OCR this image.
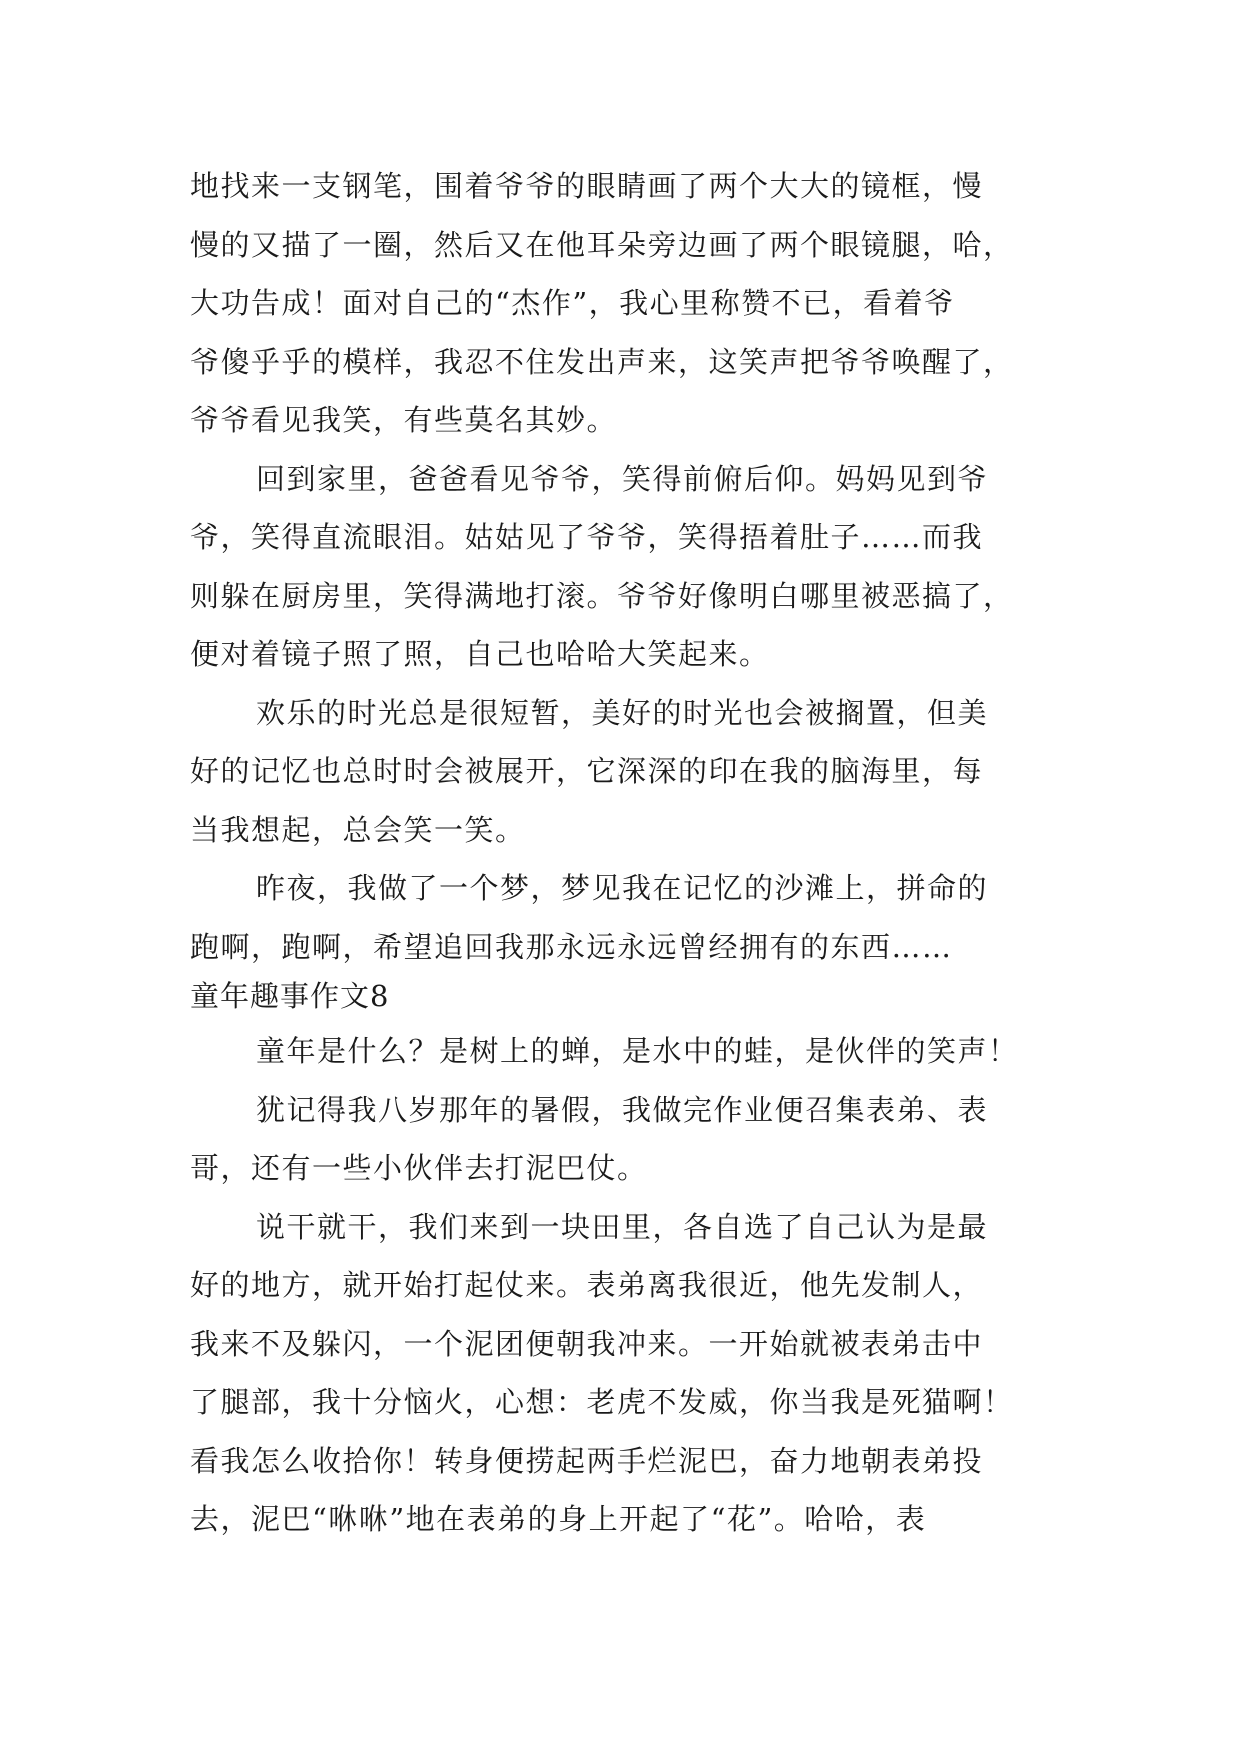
地找来一支钢笔，围着爷爷的眼睛画了两个大大的镜框，慢
慢的又描了一圈，然后又在他耳朵旁边画了两个眼镜腿，哈，
大功告成！面对自己的“杰作”，我心里称赞不已，看着爷
爷傻乎乎的模样，我忍不住发出声来，这笑声把爷爷唤醒了，
爷爷看见我笑，有些莫名其妙。
回到家里，爸爸看见爷爷，笑得前俯后仰。妈妈见到爷
爷，笑得直流眼泪。姑姑见了爷爷，笑得捂着肚子……而我
则躲在厨房里，笑得满地打滚。爷爷好像明白哪里被恶搞了，
便对着镜子照了照，自己也哈哈大笑起来。
欢乐的时光总是很短暂，美好的时光也会被搁置，但美
好的记忆也总时时会被展开，它深深的印在我的脑海里，每
当我想起，总会笑一笑。
昨夜，我做了一个梦，梦见我在记忆的沙滩上，拼命的
跑啊，跑啊，希望追回我那永远永远曾经拥有的东西……
童年趣事作文8
童年是什么？是树上的蝉，是水中的蛙，是伙伴的笑声！
犹记得我八岁那年的暑假，我做完作业便召集表弟、表
哥，还有一些小伙伴去打泥巴仗。
说干就干，我们来到一块田里，各自选了自己认为是最
好的地方，就开始打起仗来。表弟离我很近，他先发制人，
我来不及躲闪，一个泥团便朝我冲来。一开始就被表弟击中
了腿部，我十分恼火，心想：老虎不发威，你当我是死猫啊！
看我怎么收拾你！转身便捞起两手烂泥巴，奋力地朝表弟投
去，泥巴“咻咻”地在表弟的身上开起了“花”。哈哈，表
